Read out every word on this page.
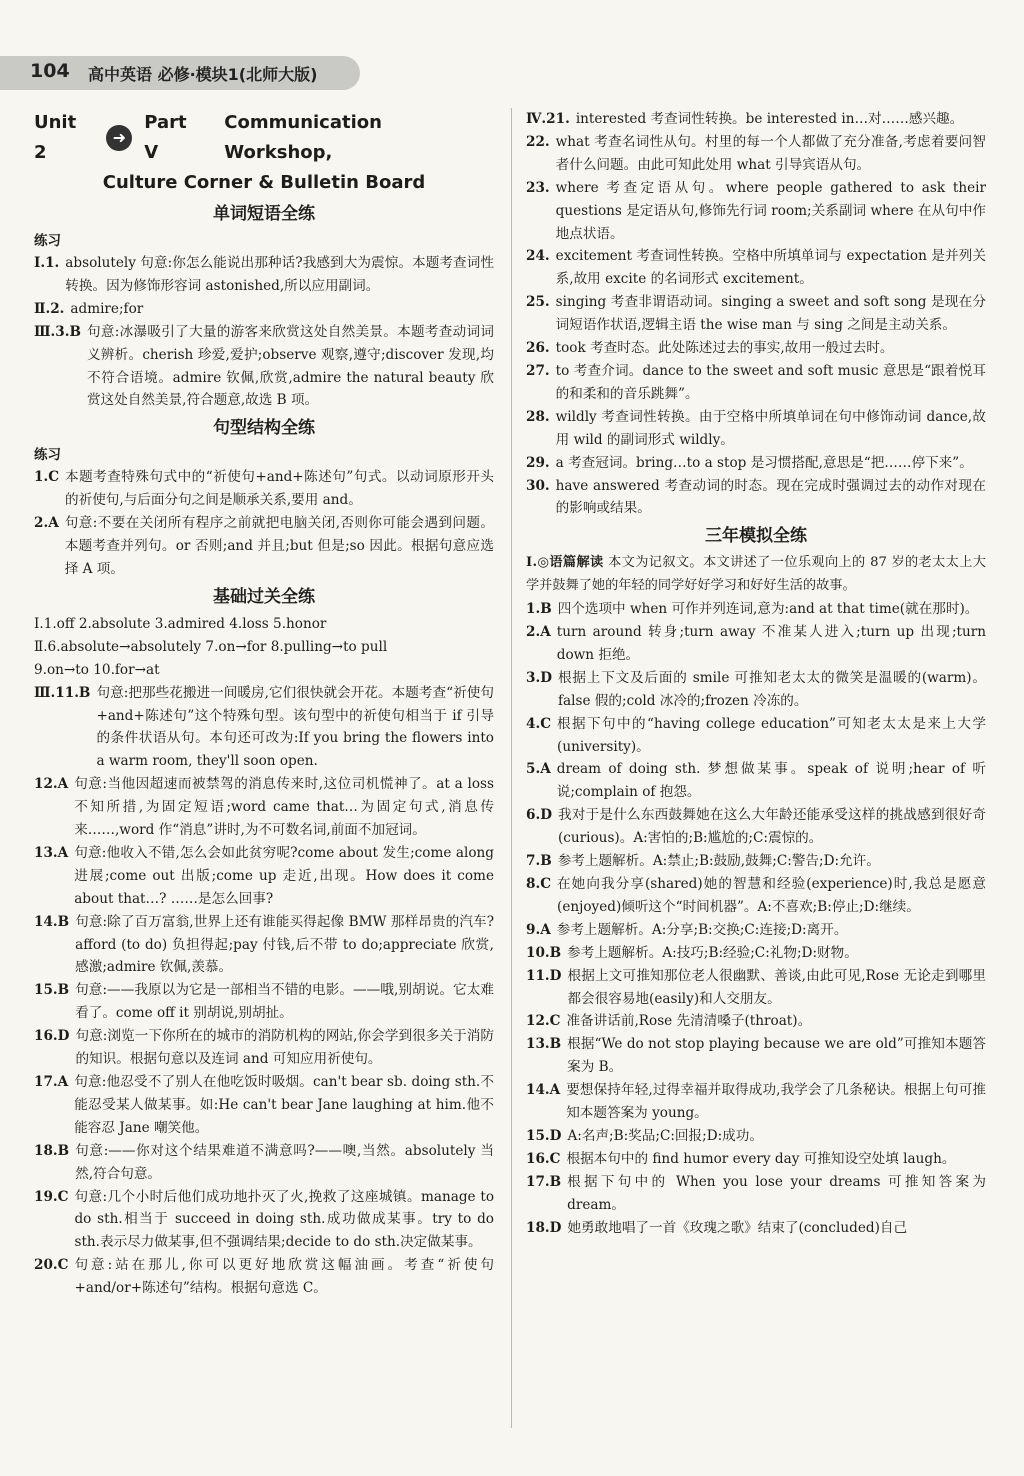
104 高中英语 必修·模块1(北师大版)
Unit 2
➜
Part V
Communication Workshop,
Culture Corner & Bulletin Board
单词短语全练
练习
Ⅰ.1. absolutely 句意:你怎么能说出那种话?我感到大为震惊。本题考查词性转换。因为修饰形容词 astonished,所以应用副词。
Ⅱ.2. admire;for
Ⅲ.3.B 句意:冰瀑吸引了大量的游客来欣赏这处自然美景。本题考查动词词义辨析。cherish 珍爱,爱护;observe 观察,遵守;discover 发现,均不符合语境。admire 钦佩,欣赏,admire the natural beauty 欣赏这处自然美景,符合题意,故选 B 项。
句型结构全练
练习
1.C 本题考查特殊句式中的“祈使句+and+陈述句”句式。以动词原形开头的祈使句,与后面分句之间是顺承关系,要用 and。
2.A 句意:不要在关闭所有程序之前就把电脑关闭,否则你可能会遇到问题。本题考查并列句。or 否则;and 并且;but 但是;so 因此。根据句意应选择 A 项。
基础过关全练
Ⅰ.1.off 2.absolute 3.admired 4.loss 5.honor
Ⅱ.6.absolute→absolutely 7.on→for 8.pulling→to pull
9.on→to 10.for→at
Ⅲ.11.B 句意:把那些花搬进一间暖房,它们很快就会开花。本题考查“祈使句+and+陈述句”这个特殊句型。该句型中的祈使句相当于 if 引导的条件状语从句。本句还可改为:If you bring the flowers into a warm room, they'll soon open.
12.A 句意:当他因超速而被禁驾的消息传来时,这位司机慌神了。at a loss 不知所措,为固定短语;word came that…为固定句式,消息传来……,word 作“消息”讲时,为不可数名词,前面不加冠词。
13.A 句意:他收入不错,怎么会如此贫穷呢?come about 发生;come along 进展;come out 出版;come up 走近,出现。How does it come about that…? ……是怎么回事?
14.B 句意:除了百万富翁,世界上还有谁能买得起像 BMW 那样昂贵的汽车?afford (to do) 负担得起;pay 付钱,后不带 to do;appreciate 欣赏,感激;admire 钦佩,羡慕。
15.B 句意:——我原以为它是一部相当不错的电影。——哦,别胡说。它太难看了。come off it 别胡说,别胡扯。
16.D 句意:浏览一下你所在的城市的消防机构的网站,你会学到很多关于消防的知识。根据句意以及连词 and 可知应用祈使句。
17.A 句意:他忍受不了别人在他吃饭时吸烟。can't bear sb. doing sth.不能忍受某人做某事。如:He can't bear Jane laughing at him.他不能容忍 Jane 嘲笑他。
18.B 句意:——你对这个结果难道不满意吗?——噢,当然。absolutely 当然,符合句意。
19.C 句意:几个小时后他们成功地扑灭了火,挽救了这座城镇。manage to do sth.相当于 succeed in doing sth.成功做成某事。try to do sth.表示尽力做某事,但不强调结果;decide to do sth.决定做某事。
20.C 句意:站在那儿,你可以更好地欣赏这幅油画。考查“祈使句+and/or+陈述句”结构。根据句意选 C。
Ⅳ.21. interested 考查词性转换。be interested in…对……感兴趣。
22. what 考查名词性从句。村里的每一个人都做了充分准备,考虑着要问智者什么问题。由此可知此处用 what 引导宾语从句。
23. where 考查定语从句。where people gathered to ask their questions 是定语从句,修饰先行词 room;关系副词 where 在从句中作地点状语。
24. excitement 考查词性转换。空格中所填单词与 expectation 是并列关系,故用 excite 的名词形式 excitement。
25. singing 考查非谓语动词。singing a sweet and soft song 是现在分词短语作状语,逻辑主语 the wise man 与 sing 之间是主动关系。
26. took 考查时态。此处陈述过去的事实,故用一般过去时。
27. to 考查介词。dance to the sweet and soft music 意思是“跟着悦耳的和柔和的音乐跳舞”。
28. wildly 考查词性转换。由于空格中所填单词在句中修饰动词 dance,故用 wild 的副词形式 wildly。
29. a 考查冠词。bring…to a stop 是习惯搭配,意思是“把……停下来”。
30. have answered 考查动词的时态。现在完成时强调过去的动作对现在的影响或结果。
三年模拟全练
Ⅰ.◎语篇解读 本文为记叙文。本文讲述了一位乐观向上的 87 岁的老太太上大学并鼓舞了她的年轻的同学好好学习和好好生活的故事。
1.B 四个选项中 when 可作并列连词,意为:and at that time(就在那时)。
2.A turn around 转身;turn away 不准某人进入;turn up 出现;turn down 拒绝。
3.D 根据上下文及后面的 smile 可推知老太太的微笑是温暖的(warm)。false 假的;cold 冰冷的;frozen 冷冻的。
4.C 根据下句中的“having college education”可知老太太是来上大学(university)。
5.A dream of doing sth. 梦想做某事。speak of 说明;hear of 听说;complain of 抱怨。
6.D 我对于是什么东西鼓舞她在这么大年龄还能承受这样的挑战感到很好奇(curious)。A:害怕的;B:尴尬的;C:震惊的。
7.B 参考上题解析。A:禁止;B:鼓励,鼓舞;C:警告;D:允许。
8.C 在她向我分享(shared)她的智慧和经验(experience)时,我总是愿意(enjoyed)倾听这个“时间机器”。A:不喜欢;B:停止;D:继续。
9.A 参考上题解析。A:分享;B:交换;C:连接;D:离开。
10.B 参考上题解析。A:技巧;B:经验;C:礼物;D:财物。
11.D 根据上文可推知那位老人很幽默、善谈,由此可见,Rose 无论走到哪里都会很容易地(easily)和人交朋友。
12.C 准备讲话前,Rose 先清清嗓子(throat)。
13.B 根据“We do not stop playing because we are old”可推知本题答案为 B。
14.A 要想保持年轻,过得幸福并取得成功,我学会了几条秘诀。根据上句可推知本题答案为 young。
15.D A:名声;B:奖品;C:回报;D:成功。
16.C 根据本句中的 find humor every day 可推知设空处填 laugh。
17.B 根据下句中的 When you lose your dreams 可推知答案为 dream。
18.D 她勇敢地唱了一首《玫瑰之歌》结束了(concluded)自己
